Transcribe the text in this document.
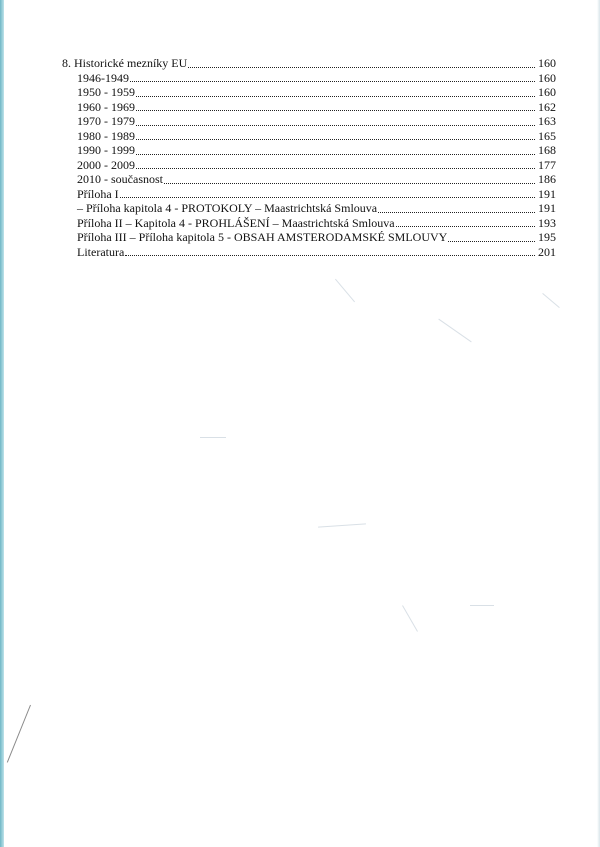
8. Historické mezníky EU	160
1946-1949	160
1950 - 1959	160
1960 - 1969	162
1970 - 1979	163
1980 - 1989	165
1990 - 1999	168
2000 - 2009	177
2010 - současnost	186
Příloha I	191
– Příloha kapitola 4 - PROTOKOLY – Maastrichtská Smlouva	191
Příloha II – Kapitola 4 - PROHLÁŠENÍ – Maastrichtská Smlouva	193
Příloha III – Příloha kapitola 5 - OBSAH AMSTERODAMSKÉ SMLOUVY	195
Literatura	201
